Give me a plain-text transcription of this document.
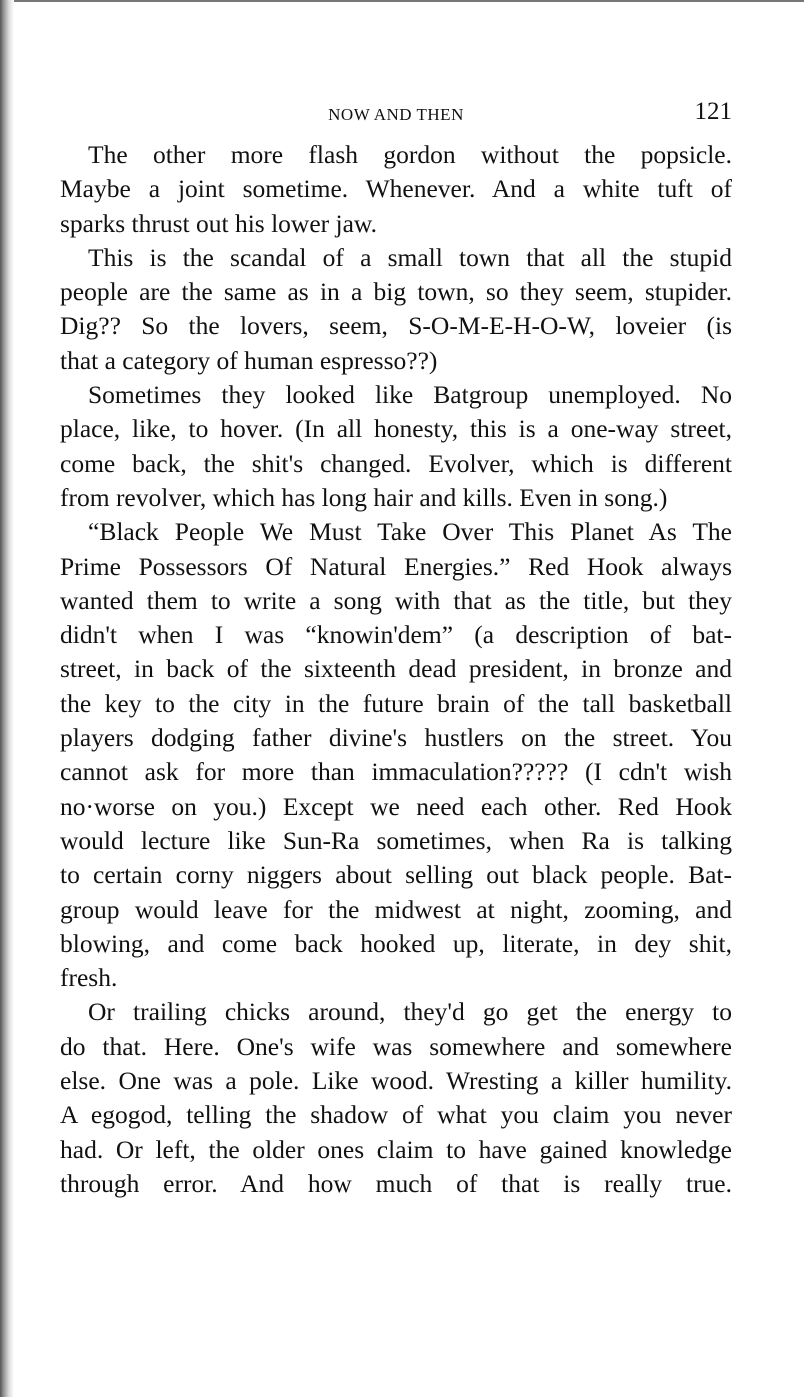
NOW AND THEN	121
The other more flash gordon without the popsicle.
Maybe a joint sometime. Whenever. And a white tuft of
sparks thrust out his lower jaw.
This is the scandal of a small town that all the stupid
people are the same as in a big town, so they seem, stupider.
Dig?? So the lovers, seem, S-O-M-E-H-O-W, loveier (is
that a category of human espresso??)
Sometimes they looked like Batgroup unemployed. No
place, like, to hover. (In all honesty, this is a one-way street,
come back, the shit's changed. Evolver, which is different
from revolver, which has long hair and kills. Even in song.)
“Black People We Must Take Over This Planet As The
Prime Possessors Of Natural Energies.” Red Hook always
wanted them to write a song with that as the title, but they
didn't when I was “knowin'dem” (a description of bat-
street, in back of the sixteenth dead president, in bronze and
the key to the city in the future brain of the tall basketball
players dodging father divine's hustlers on the street. You
cannot ask for more than immaculation????? (I cdn't wish
no·worse on you.) Except we need each other. Red Hook
would lecture like Sun-Ra sometimes, when Ra is talking
to certain corny niggers about selling out black people. Bat-
group would leave for the midwest at night, zooming, and
blowing, and come back hooked up, literate, in dey shit,
fresh.
Or trailing chicks around, they'd go get the energy to
do that. Here. One's wife was somewhere and somewhere
else. One was a pole. Like wood. Wresting a killer humility.
A egogod, telling the shadow of what you claim you never
had. Or left, the older ones claim to have gained knowledge
through error. And how much of that is really true.
